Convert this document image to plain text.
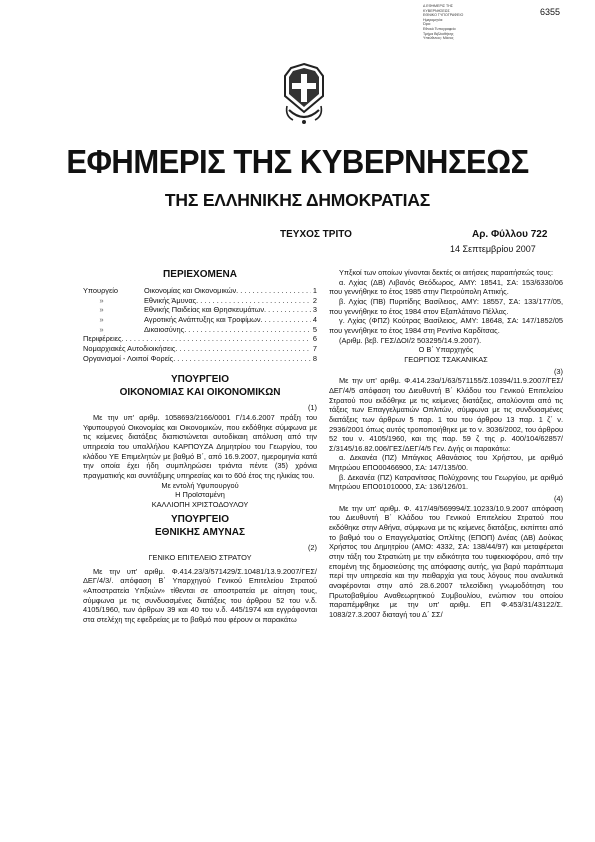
6355
Δ ΕΦΗΜΕΡΙΣ ΤΗΣ
ΚΥΒΕΡΝΗΣΕΩΣ
ΕΘΝΙΚΟ ΤΥΠΟΓΡΑΦΕΙΟ
Ημερομηνία:
Ώρα:
Εθνικό Τυπογραφείο
Τμήμα Βιβλιοθήκης
Υπεύθυνος: Μάνος
ΕΦΗΜΕΡΙΣ ΤΗΣ ΚΥΒΕΡΝΗΣΕΩΣ
ΤΗΣ ΕΛΛΗΝΙΚΗΣ ΔΗΜΟΚΡΑΤΙΑΣ
ΤΕΥΧΟΣ ΤΡΙΤΟ	Αρ. Φύλλου 722
14 Σεπτεμβρίου 2007

ΠΕΡΙΕΧΟΜΕΝΑ

Υπουργείο	Οικονομίας και Οικονομικών . . .	1
»	Εθνικής Άμυνας . . .	2
»	Εθνικής Παιδείας και Θρησκευμάτων . . .	3
»	Αγροτικής Ανάπτυξης και Τροφίμων . . .	4
»	Δικαιοσύνης . . .	5
Περιφέρειες . . .	6
Νομαρχιακές Αυτοδιοικήσεις . . .	7
Οργανισμοί - Λοιποί Φορείς . . .	8

ΥΠΟΥΡΓΕΙΟ

ΟΙΚΟΝΟΜΙΑΣ ΚΑΙ ΟΙΚΟΝΟΜΙΚΩΝ

(1)

Με την υπ' αριθμ. 1058693/2166/0001 Γ/14.6.2007 πράξη του Υφυπουργού Οικονομίας και Οικονομικών, που εκδόθηκε σύμφωνα με τις κείμενες διατάξεις διαπιστώνεται αυτοδίκαιη απόλυση από την υπηρεσία του υπαλλήλου ΚΑΡΠΟΥΖΑ Δημητρίου του Γεωργίου, του κλάδου ΥΕ Επιμελητών με βαθμό Β΄, από 16.9.2007, ημερομηνία κατά την οποία έχει ήδη συμπληρώσει τριάντα πέντε (35) χρόνια πραγματικής και συντάξιμης υπηρεσίας και το 60ό έτος της ηλικίας του.

Με εντολή Υφυπουργού

Η Προϊσταμένη

ΚΑΛΛΙΟΠΗ ΧΡΙΣΤΟΔΟΥΛΟΥ

ΥΠΟΥΡΓΕΙΟ

ΕΘΝΙΚΗΣ ΑΜΥΝΑΣ

(2)

ΓΕΝΙΚΟ ΕΠΙΤΕΛΕΙΟ ΣΤΡΑΤΟΥ

Με την υπ' αριθμ. Φ.414.23/3/571429/Σ.10481/13.9.2007/ΓΕΣ/ΔΕΓ/4/3/. απόφαση Β΄ Υπαρχηγού Γενικού Επιτελείου Στρατού «Αποστρατεία Υπξκών» τίθενται σε αποστρατεία με αίτηση τους, σύμφωνα με τις συνδυασμένες διατάξεις του άρθρου 52 του ν.δ. 4105/1960, των άρθρων 39 και 40 του ν.δ. 445/1974 και εγγράφονται στα στελέχη της εφεδρείας με το βαθμό που φέρουν οι παρακάτω

Υπξκοί των οποίων γίνονται δεκτές οι αιτήσεις παραιτήσεώς τους:

α. Λχίας (ΔΒ) Λιβανός Θεόδωρος, ΑΜΥ: 18541, ΣΑ: 153/6330/06 που γεννήθηκε το έτος 1985 στην Πετρούπολη Αττικής.

β. Λχίας (ΠΒ) Πυριτίδης Βασίλειος, ΑΜΥ: 18557, ΣΑ: 133/177/05, που γεννήθηκε το έτος 1984 στον Εξαπλάτανο Πέλλας.

γ. Λχίας (ΦΠΖ) Κούτρας Βασίλειος, ΑΜΥ: 18648, ΣΑ: 147/1852/05 που γεννήθηκε το έτος 1984 στη Ρεντίνα Καρδίτσας.

(Αριθμ. βεβ. ΓΕΣ/ΔΟΙ/2 503295/14.9.2007).

Ο Β΄ Υπαρχηγός

ΓΕΩΡΓΙΟΣ ΤΣΑΚΑΝΙΚΑΣ

(3)

Με την υπ' αριθμ. Φ.414.23α/1/63/571155/Σ.10394/11.9.2007/ΓΕΣ/ΔΕΓ/4/5 απόφαση του Διευθυντή Β΄ Κλάδου του Γενικού Επιτελείου Στρατού που εκδόθηκε με τις κείμενες διατάξεις, απολύονται από τις τάξεις των Επαγγελματιών Οπλιτών, σύμφωνα με τις συνδυασμένες διατάξεις των άρθρων 5 παρ. 1 του του άρθρου 13 παρ. 1 ζ΄ ν. 2936/2001 όπως αυτός τροποποιήθηκε με το ν. 3036/2002, του άρθρου 52 του ν. 4105/1960, και της παρ. 59 ζ της ρ. 400/104/62857/Σ/3145/16.82.006/ΓΕΣ/ΔΕΓ/4/5 Γεν. Δγής οι παρακάτω:

α. Δεκανέα (ΠΖ) Μπάγκος Αθανάσιος του Χρήστου, με αριθμό Μητρώου ΕΠΟ00466900, ΣΑ: 147/135/00.

β. Δεκανέα (ΠΖ) Κατρανίτσας Πολύχρονης του Γεωργίου, με αριθμό Μητρώου ΕΠΟ01010000, ΣΑ: 136/126/01.

(4)

Με την υπ' αριθμ. Φ. 417/49/569994/Σ.10233/10.9.2007 απόφαση του Διευθυντή Β΄ Κλάδου του Γενικού Επιτελείου Στρατού που εκδόθηκε στην Αθήνα, σύμφωνα με τις κείμενες διατάξεις, εκπίπτει από το βαθμό του ο Επαγγελματίας Οπλίτης (ΕΠΟΠ) Δνέας (ΔΒ) Δούκας Χρήστος του Δημητρίου (ΑΜΟ: 4332, ΣΑ: 138/44/97) και μεταφέρεται στην τάξη του Στρατιώτη με την ειδικότητα του τυφεκιοφόρου, από την επομένη της δημοσιεύσης της απόφασης αυτής, για βαρύ παράπτωμα περί την υπηρεσία και την πειθαρχία για τους λόγους που αναλυτικά αναφέρονται στην από 28.6.2007 τελεσίδικη γνωμοδότηση του Πρωτοβαθμίου Αναθεωρητικού Συμβουλίου, ενώπιον του οποίου παραπέμφθηκε με την υπ' αριθμ. ΕΠ Φ.453/31/43122/Σ. 1083/27.3.2007 διαταγή του Δ΄ ΣΣ/
